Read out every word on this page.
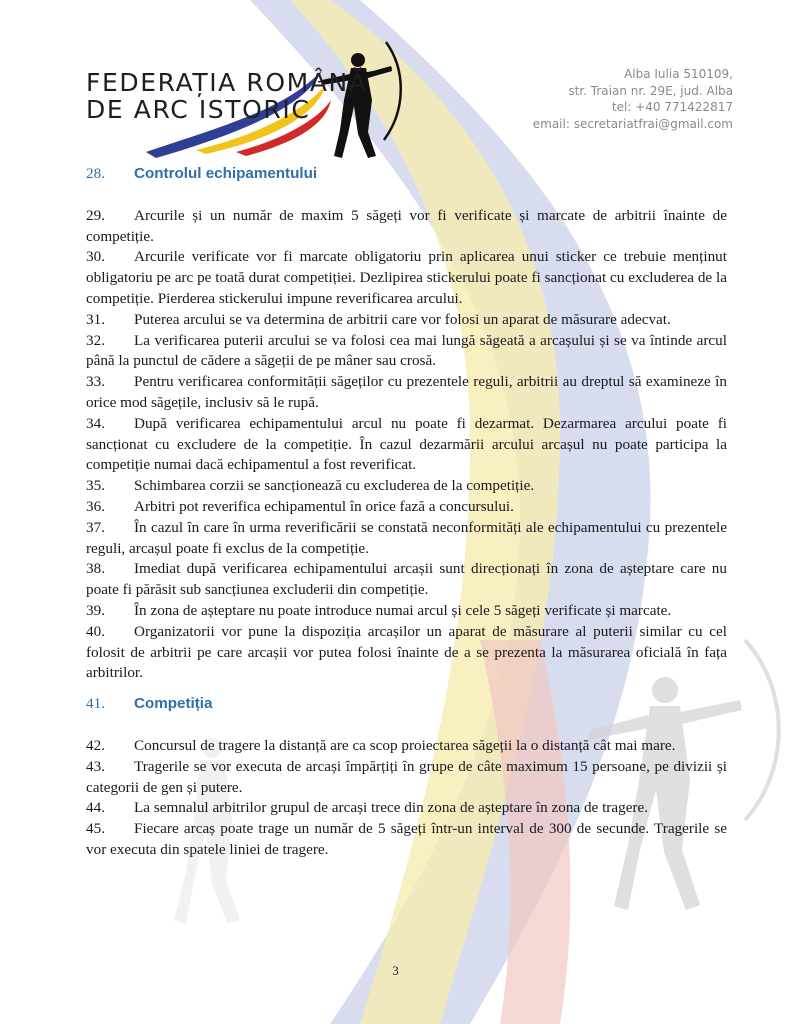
FEDERAȚIA ROMÂNĂ
DE ARC ISTORIC
Alba Iulia 510109,
str. Traian nr. 29E, jud. Alba
tel: +40 771422817
email: secretariatfrai@gmail.com
28.	Controlul echipamentului

29. Arcurile și un număr de maxim 5 săgeți vor fi verificate și marcate de arbitrii înainte de competiție.

30. Arcurile verificate vor fi marcate obligatoriu prin aplicarea unui sticker ce trebuie menținut obligatoriu pe arc pe toată durat competiției. Dezlipirea stickerului poate fi sancționat cu excluderea de la competiție. Pierderea stickerului impune reverificarea arcului.

31. Puterea arcului se va determina de arbitrii care vor folosi un aparat de măsurare adecvat.

32. La verificarea puterii arcului se va folosi cea mai lungă săgeată a arcașului și se va întinde arcul până la punctul de cădere a săgeții de pe mâner sau crosă.

33. Pentru verificarea conformității săgeților cu prezentele reguli, arbitrii au dreptul să examineze în orice mod săgețile, inclusiv să le rupă.

34. După verificarea echipamentului arcul nu poate fi dezarmat. Dezarmarea arcului poate fi sancționat cu excludere de la competiție. În cazul dezarmării arcului arcașul nu poate participa la competiție numai dacă echipamentul a fost reverificat.

35. Schimbarea corzii se sancționează cu excluderea de la competiție.

36. Arbitri pot reverifica echipamentul în orice fază a concursului.

37. În cazul în care în urma reverificării se constată neconformități ale echipamentului cu prezentele reguli, arcașul poate fi exclus de la competiție.

38. Imediat după verificarea echipamentului arcașii sunt direcționați în zona de așteptare care nu poate fi părăsit sub sancțiunea excluderii din competiție.

39. În zona de așteptare nu poate introduce numai arcul și cele 5 săgeți verificate și marcate.

40. Organizatorii vor pune la dispoziția arcașilor un aparat de măsurare al puterii similar cu cel folosit de arbitrii pe care arcașii vor putea folosi înainte de a se prezenta la măsurarea oficială în fața arbitrilor.

41.	Competiția

42. Concursul de tragere la distanță are ca scop proiectarea săgeții la o distanță cât mai mare.

43. Tragerile se vor executa de arcași împărțiți în grupe de câte maximum 15 persoane, pe divizii și categorii de gen și putere.

44. La semnalul arbitrilor grupul de arcași trece din zona de așteptare în zona de tragere.

45. Fiecare arcaș poate trage un număr de 5 săgeți într-un interval de 300 de secunde. Tragerile se vor executa din spatele liniei de tragere.

3
